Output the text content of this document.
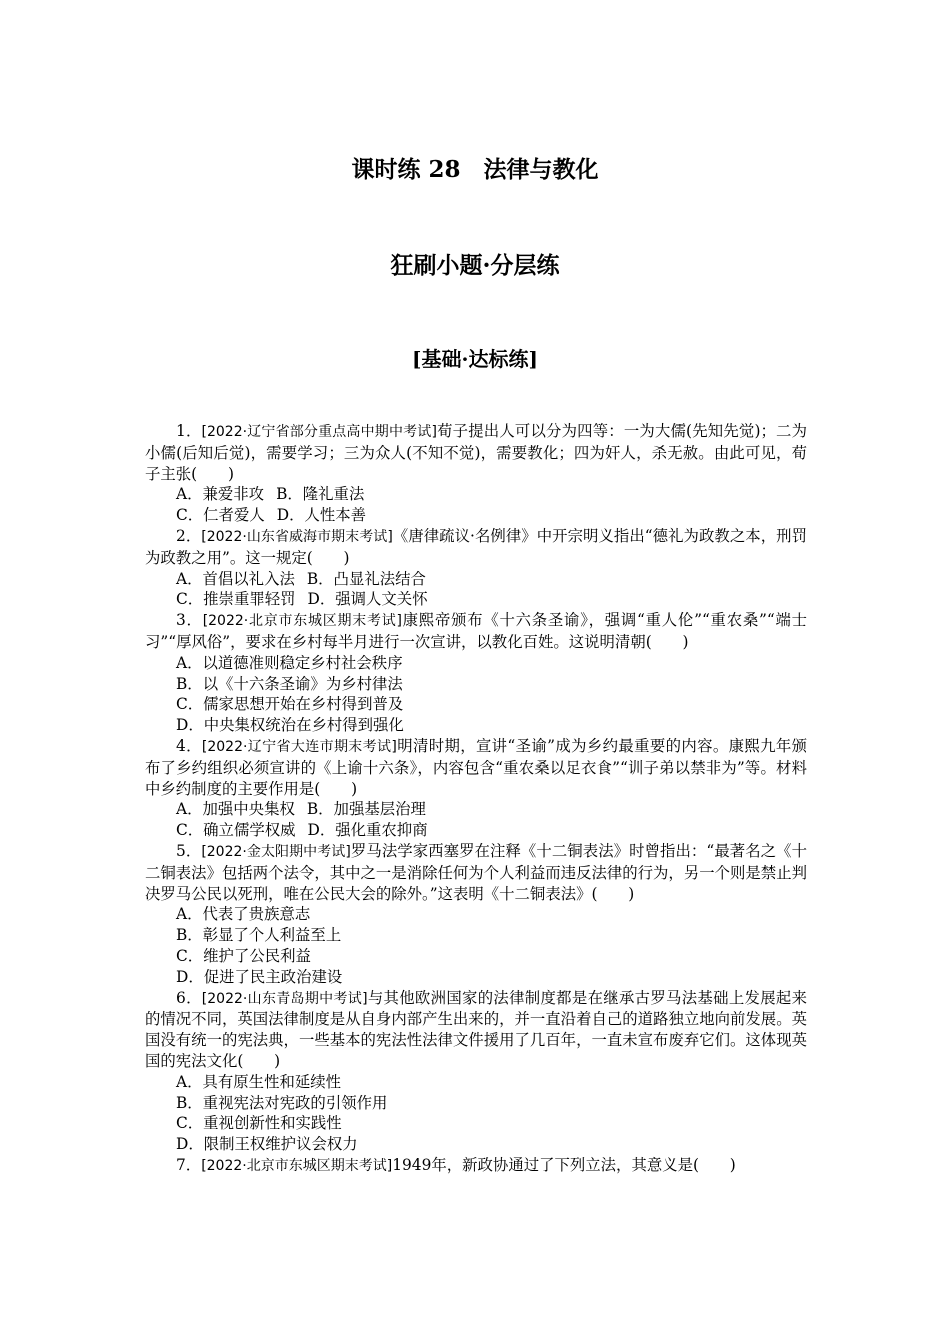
课时练 28　法律与教化
狂刷小题·分层练
[基础·达标练]

1．[2022·辽宁省部分重点高中期中考试]荀子提出人可以分为四等：一为大儒(先知先觉)；二为小儒(后知后觉)，需要学习；三为众人(不知不觉)，需要教化；四为奸人，杀无赦。由此可见，荀子主张(　　)

A．兼爱非攻 B．隆礼重法

C．仁者爱人 D．人性本善

2．[2022·山东省威海市期末考试]《唐律疏议·名例律》中开宗明义指出“德礼为政教之本，刑罚为政教之用”。这一规定(　　)

A．首倡以礼入法 B．凸显礼法结合

C．推崇重罪轻罚 D．强调人文关怀

3．[2022·北京市东城区期末考试]康熙帝颁布《十六条圣谕》，强调“重人伦”“重农桑”“端士习”“厚风俗”，要求在乡村每半月进行一次宣讲，以教化百姓。这说明清朝(　　)

A．以道德准则稳定乡村社会秩序

B．以《十六条圣谕》为乡村律法

C．儒家思想开始在乡村得到普及

D．中央集权统治在乡村得到强化

4．[2022·辽宁省大连市期末考试]明清时期，宣讲“圣谕”成为乡约最重要的内容。康熙九年颁布了乡约组织必须宣讲的《上谕十六条》，内容包含“重农桑以足衣食”“训子弟以禁非为”等。材料中乡约制度的主要作用是(　　)

A．加强中央集权 B．加强基层治理

C．确立儒学权威 D．强化重农抑商

5．[2022·金太阳期中考试]罗马法学家西塞罗在注释《十二铜表法》时曾指出：“最著名之《十二铜表法》包括两个法令，其中之一是消除任何为个人利益而违反法律的行为，另一个则是禁止判决罗马公民以死刑，唯在公民大会的除外。”这表明《十二铜表法》(　　)

A．代表了贵族意志

B．彰显了个人利益至上

C．维护了公民利益

D．促进了民主政治建设

6．[2022·山东青岛期中考试]与其他欧洲国家的法律制度都是在继承古罗马法基础上发展起来的情况不同，英国法律制度是从自身内部产生出来的，并一直沿着自己的道路独立地向前发展。英国没有统一的宪法典，一些基本的宪法性法律文件援用了几百年，一直未宣布废弃它们。这体现英国的宪法文化(　　)

A．具有原生性和延续性

B．重视宪法对宪政的引领作用

C．重视创新性和实践性

D．限制王权维护议会权力

7．[2022·北京市东城区期末考试]1949年，新政协通过了下列立法，其意义是(　　)
